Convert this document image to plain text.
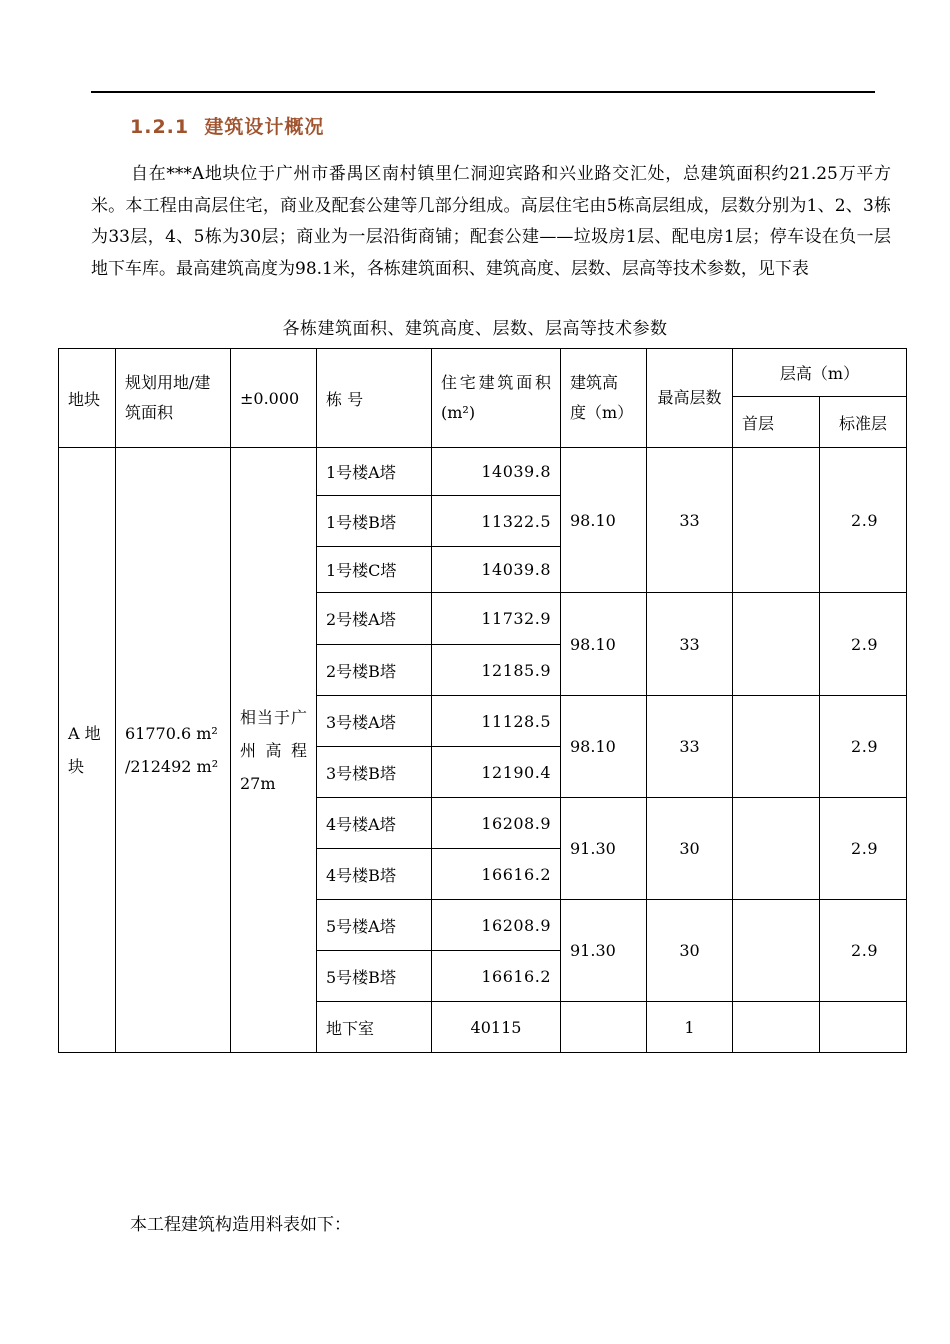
1.2.1 建筑设计概况
自在***A地块位于广州市番禺区南村镇里仁洞迎宾路和兴业路交汇处，总建筑面积约21.25万平方米。本工程由高层住宅，商业及配套公建等几部分组成。高层住宅由5栋高层组成，层数分别为1、2、3栋为33层，4、5栋为30层；商业为一层沿街商铺；配套公建——垃圾房1层、配电房1层；停车设在负一层地下车库。最高建筑高度为98.1米，各栋建筑面积、建筑高度、层数、层高等技术参数，见下表
各栋建筑面积、建筑高度、层数、层高等技术参数
地块	规划用地/建筑面积	±0.000	栋 号	住宅建筑面积(m²)	建筑高 度（m）	最高层数	层高（m）	
							首层	标准层
A 地 块	61770.6 m² /212492 m²	相当于广州高程27m	1号楼A塔	14039.8	98.10	33		2.9
			1号楼B塔	11322.5				
			1号楼C塔	14039.8				
			2号楼A塔	11732.9	98.10	33		2.9
			2号楼B塔	12185.9				
			3号楼A塔	11128.5	98.10	33		2.9
			3号楼B塔	12190.4				
			4号楼A塔	16208.9	91.30	30		2.9
			4号楼B塔	16616.2				
			5号楼A塔	16208.9	91.30	30		2.9
			5号楼B塔	16616.2				
			地下室	40115		1		
本工程建筑构造用料表如下：
